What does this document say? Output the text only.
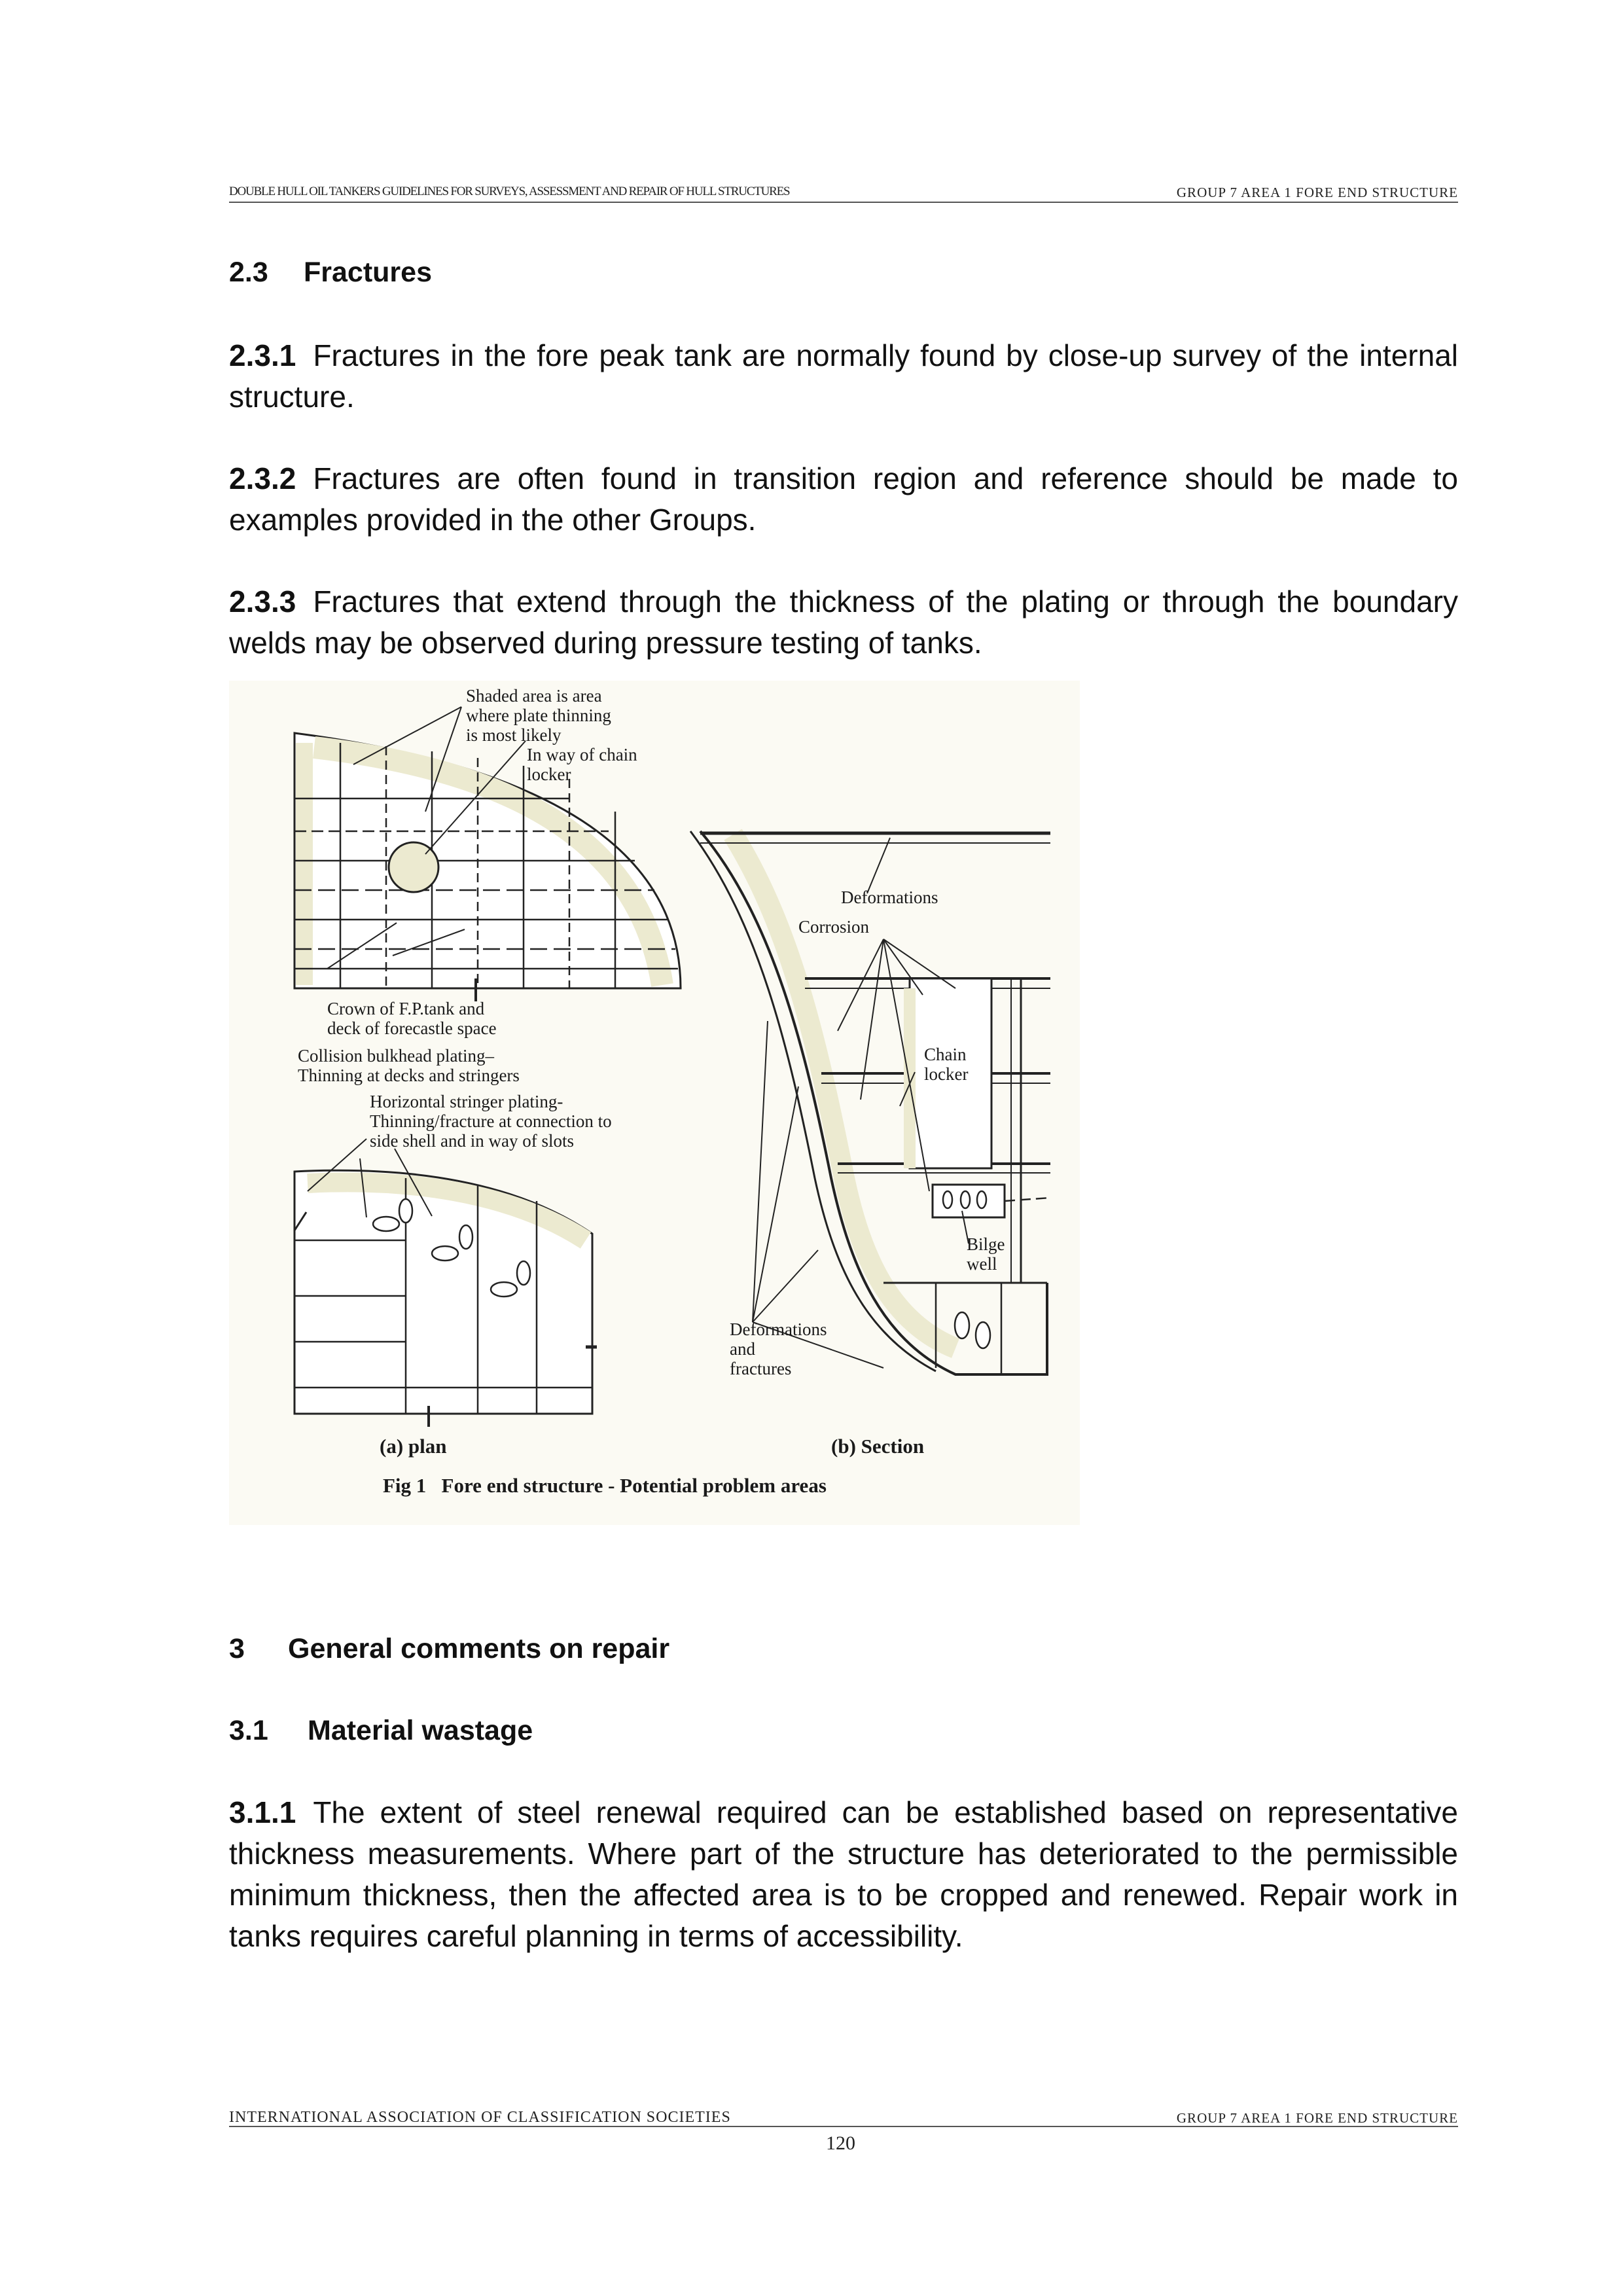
DOUBLE HULL OIL TANKERS GUIDELINES FOR SURVEYS, ASSESSMENT AND REPAIR OF HULL STRUCTURES	GROUP 7 AREA 1 FORE END STRUCTURE
2.3 Fractures
2.3.1 Fractures in the fore peak tank are normally found by close-up survey of the internal structure.
2.3.2 Fractures are often found in transition region and reference should be made to examples provided in the other Groups.
2.3.3 Fractures that extend through the thickness of the plating or through the boundary welds may be observed during pressure testing of tanks.
Shaded area is area
where plate thinning
is most likely
In way of chain
locker
Crown of F.P.tank and
deck of forecastle space
Collision bulkhead plating–
Thinning at decks and stringers
Horizontal stringer plating-
Thinning/fracture at connection to
side shell and in way of slots
Deformations
Corrosion
Chain
locker
Bilge
well
Deformations
and
fractures
(a) plan	(b) Section
Fig 1   Fore end structure - Potential problem areas
3 General comments on repair
3.1 Material wastage
3.1.1 The extent of steel renewal required can be established based on representative thickness measurements. Where part of the structure has deteriorated to the permissible minimum thickness, then the affected area is to be cropped and renewed. Repair work in tanks requires careful planning in terms of accessibility.
INTERNATIONAL ASSOCIATION OF CLASSIFICATION SOCIETIES	GROUP 7 AREA 1 FORE END STRUCTURE
120
